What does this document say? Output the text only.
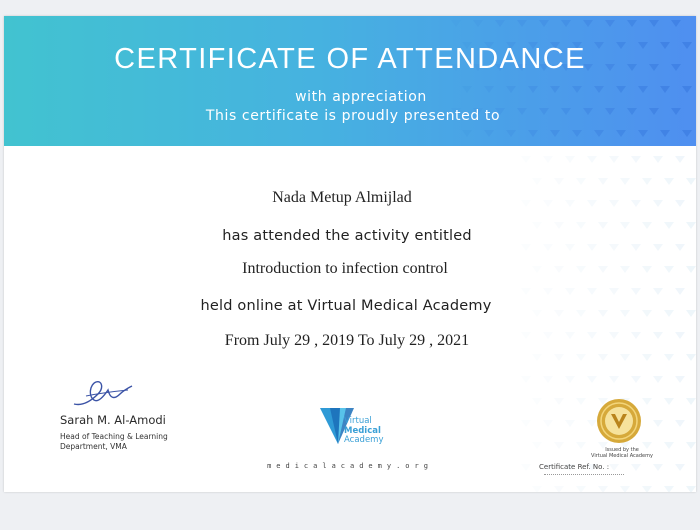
CERTIFICATE OF ATTENDANCE
with appreciation
This certificate is proudly presented to
Nada Metup Almijlad
has attended the activity entitled
Introduction to infection control
held online at Virtual Medical Academy
From July 29 , 2019 To July 29 , 2021
Sarah M. Al-Amodi
Head of Teaching & Learning
Department, VMA
Virtual
Medical
Academy
medicalacademy.org
Issued by the
Virtual Medical Academy
Certificate Ref. No. :
